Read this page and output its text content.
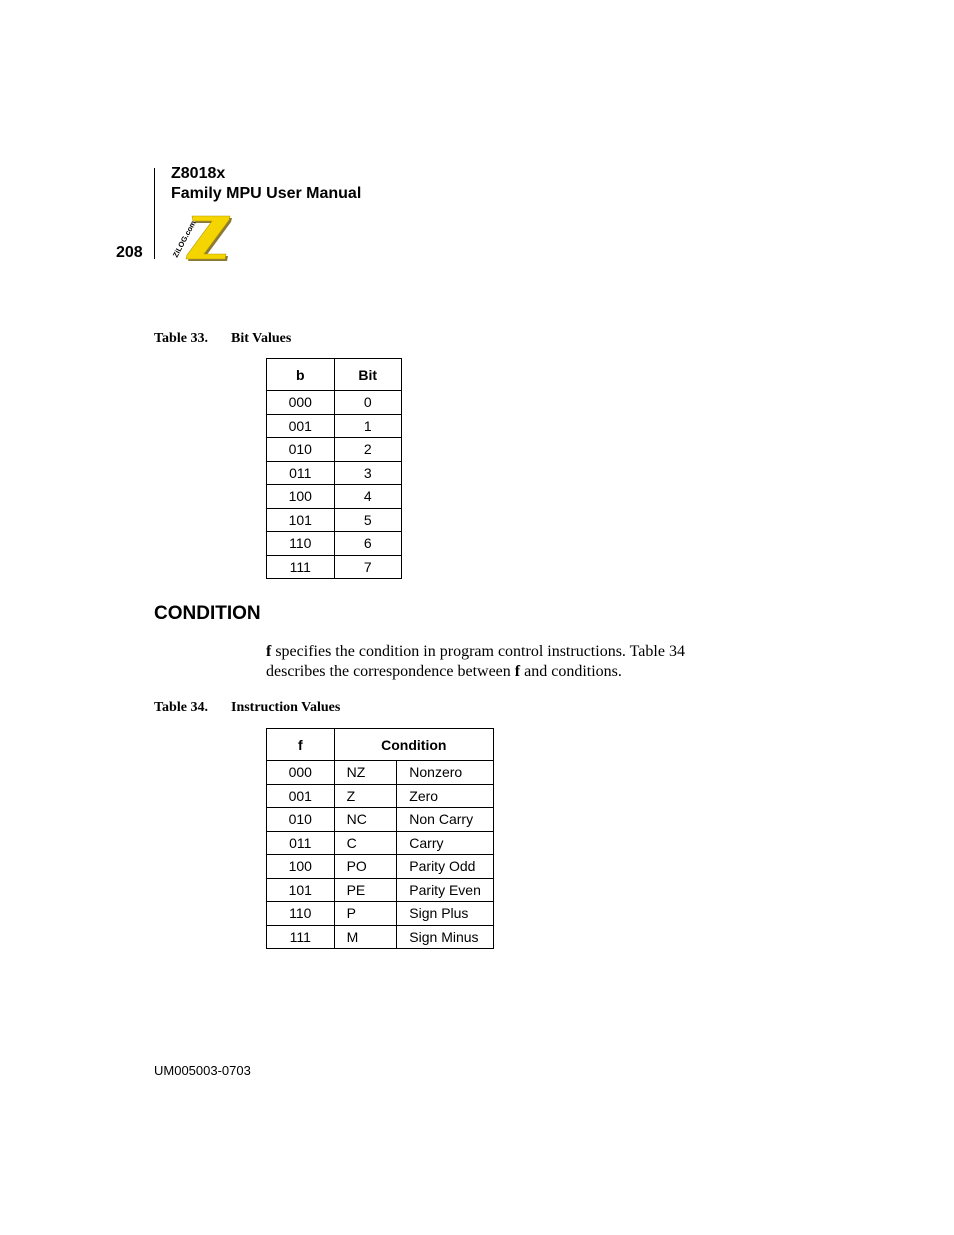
Z8018x
Family MPU User Manual
208	ZiLOG.com
Table 33. Bit Values
b	Bit
000	0
001	1
010	2
011	3
100	4
101	5
110	6
111	7
CONDITION
f specifies the condition in program control instructions. Table 34 describes the correspondence between f and conditions.
Table 34. Instruction Values
f	Condition	
000	NZ	Nonzero
001	Z	Zero
010	NC	Non Carry
011	C	Carry
100	PO	Parity Odd
101	PE	Parity Even
110	P	Sign Plus
111	M	Sign Minus
UM005003-0703
